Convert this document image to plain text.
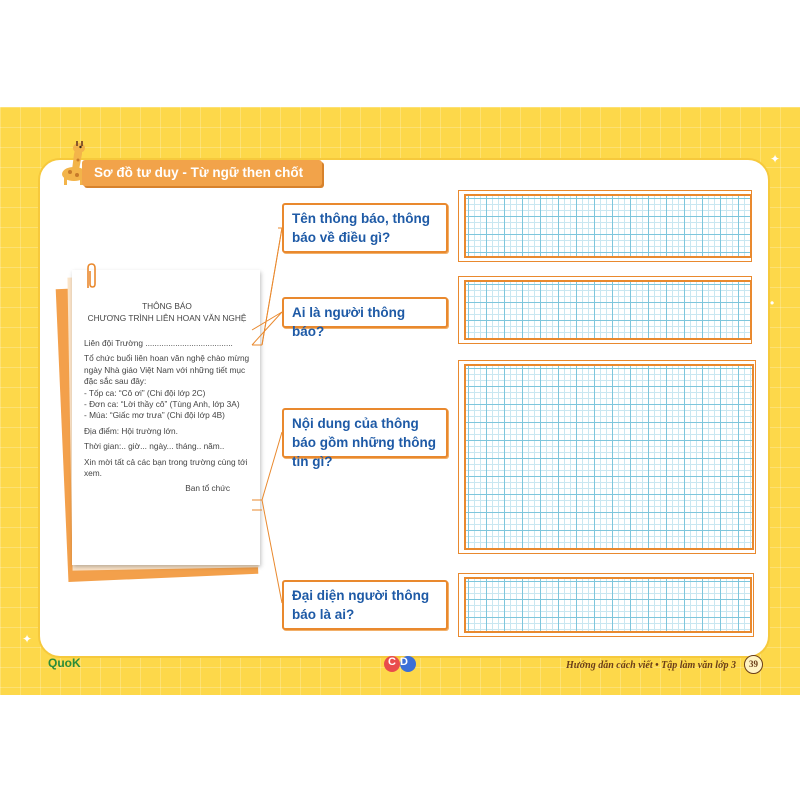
✦
•
✦
Sơ đồ tư duy - Từ ngữ then chốt
THÔNG BÁO
CHƯƠNG TRÌNH LIÊN HOAN VĂN NGHỆ

Liên đội Trường ......................................

Tổ chức buổi liên hoan văn nghệ chào mừng ngày Nhà giáo Việt Nam với những tiết mục đặc sắc sau đây:

- Tốp ca: “Cô ơi” (Chi đội lớp 2C)

- Đơn ca: “Lời thầy cô” (Tùng Anh, lớp 3A)

- Múa: “Giấc mơ trưa” (Chi đội lớp 4B)

Địa điểm: Hội trường lớn.

Thời gian:.. giờ... ngày... tháng.. năm..

Xin mời tất cả các bạn trong trường cùng tới xem.

Ban tổ chức

Tên thông báo, thông báo về điều gì?
Ai là người thông báo?
Nội dung của thông báo gồm những thông tin gì?
Đại diện người thông báo là ai?
QuoK	CD	Hướng dẫn cách viết • Tập làm văn lớp 3	39
